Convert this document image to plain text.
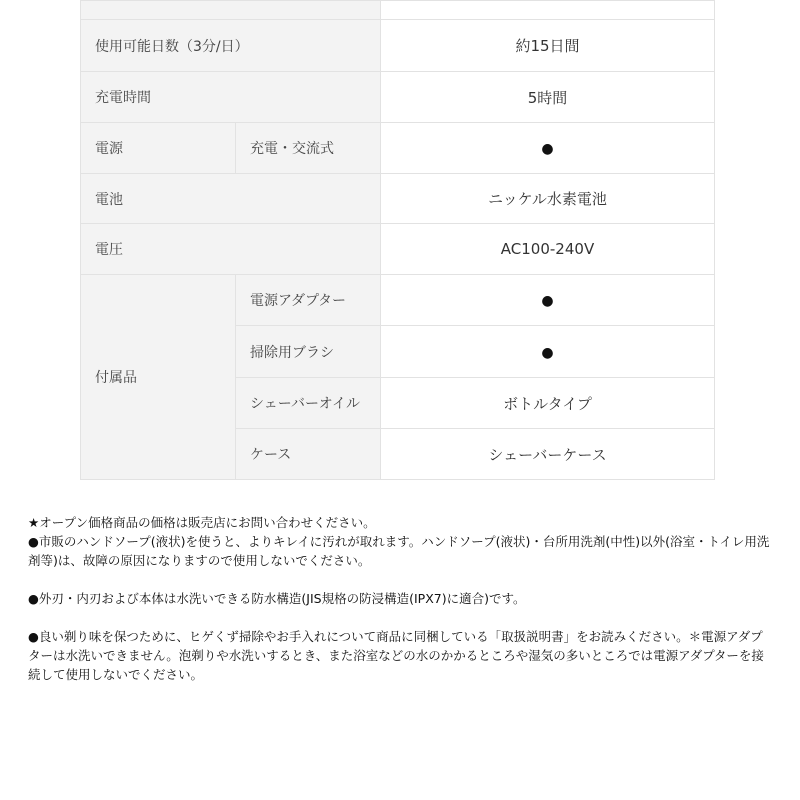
使用可能日数（3分/日）		約15日間
充電時間		5時間
電源	充電・交流式	●
電池		ニッケル水素電池
電圧		AC100-240V
付属品	電源アダプター	●
	掃除用ブラシ	●
	シェーバーオイル	ボトルタイプ
	ケース	シェーバーケース

★オープン価格商品の価格は販売店にお問い合わせください。

●市販のハンドソープ(液状)を使うと、よりキレイに汚れが取れます。ハンドソープ(液状)・台所用洗剤(中性)以外(浴室・トイレ用洗剤等)は、故障の原因になりますので使用しないでください。

●外刃・内刃および本体は水洗いできる防水構造(JIS規格の防浸構造(IPX7)に適合)です。

●良い剃り味を保つために、ヒゲくず掃除やお手入れについて商品に同梱している「取扱説明書」をお読みください。＊電源アダプターは水洗いできません。泡剃りや水洗いするとき、また浴室などの水のかかるところや湿気の多いところでは電源アダプターを接続して使用しないでください。
